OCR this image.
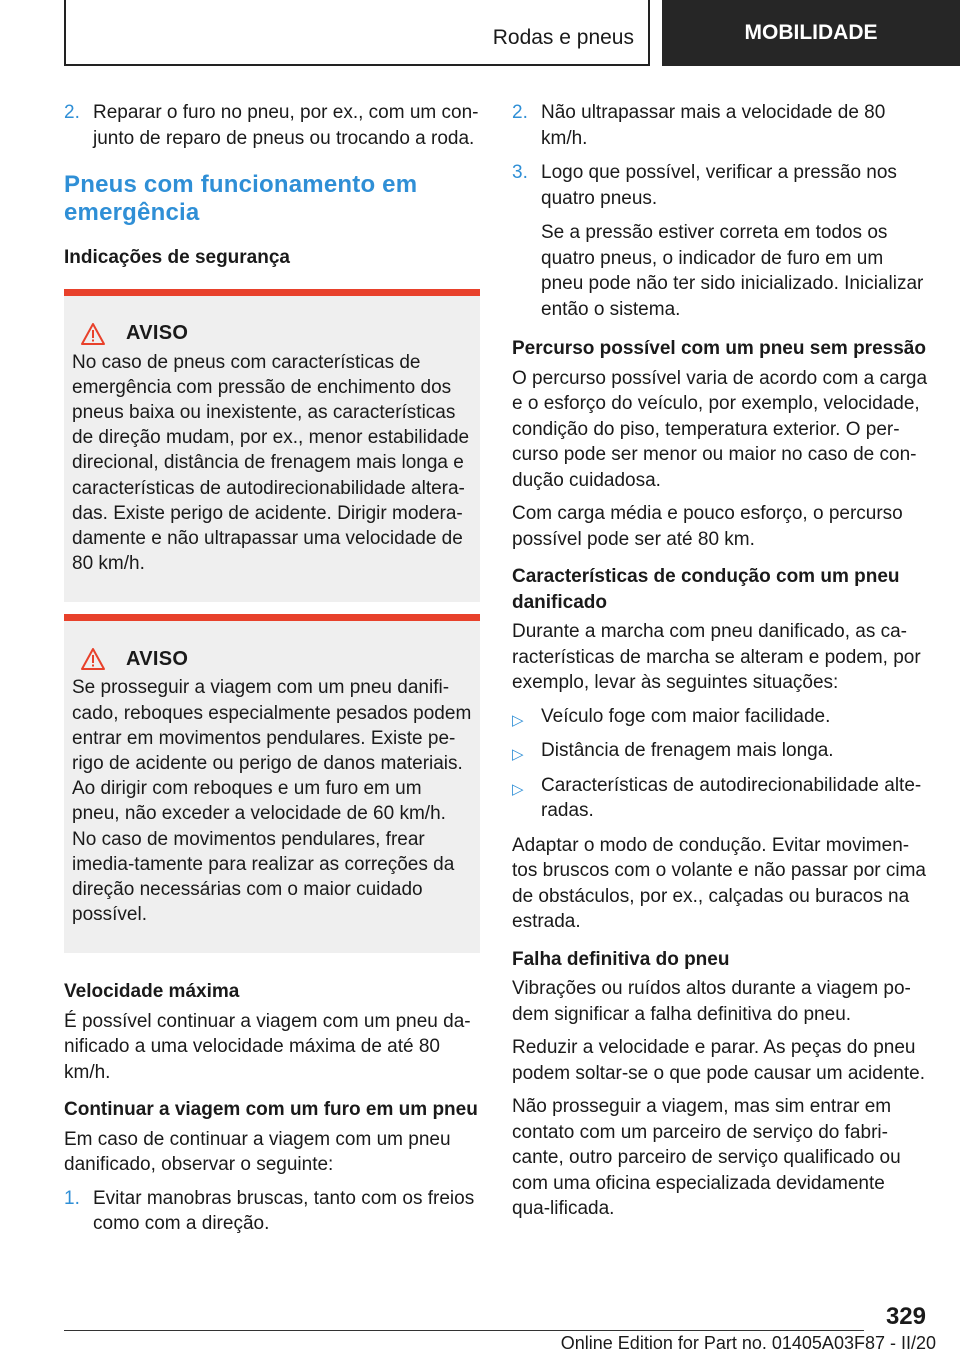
Rodas e pneus	MOBILIDADE
2. Reparar o furo no pneu, por ex., com um con-junto de reparo de pneus ou trocando a roda.
Pneus com funcionamento em emergência
Indicações de segurança
AVISO
No caso de pneus com características de emergência com pressão de enchimento dos pneus baixa ou inexistente, as características de direção mudam, por ex., menor estabilidade direcional, distância de frenagem mais longa e características de autodirecionabilidade altera-das. Existe perigo de acidente. Dirigir modera-damente e não ultrapassar uma velocidade de 80 km/h.
AVISO
Se prosseguir a viagem com um pneu danifi-cado, reboques especialmente pesados podem entrar em movimentos pendulares. Existe pe-rigo de acidente ou perigo de danos materiais. Ao dirigir com reboques e um furo em um pneu, não exceder a velocidade de 60 km/h. No caso de movimentos pendulares, frear imedia-tamente para realizar as correções da direção necessárias com o maior cuidado possível.
Velocidade máxima

É possível continuar a viagem com um pneu da-nificado a uma velocidade máxima de até 80 km/h.

Continuar a viagem com um furo em um pneu

Em caso de continuar a viagem com um pneu danificado, observar o seguinte:

1. Evitar manobras bruscas, tanto com os freios como com a direção.
2. Não ultrapassar mais a velocidade de 80 km/h.
3. Logo que possível, verificar a pressão nos quatro pneus.
Se a pressão estiver correta em todos os quatro pneus, o indicador de furo em um pneu pode não ter sido inicializado. Inicializar então o sistema.
Percurso possível com um pneu sem pressão

O percurso possível varia de acordo com a carga e o esforço do veículo, por exemplo, velocidade, condição do piso, temperatura exterior. O per-curso pode ser menor ou maior no caso de con-dução cuidadosa.

Com carga média e pouco esforço, o percurso possível pode ser até 80 km.

Características de condução com um pneu danificado

Durante a marcha com pneu danificado, as ca-racterísticas de marcha se alteram e podem, por exemplo, levar às seguintes situações:

▷ Veículo foge com maior facilidade.
▷ Distância de frenagem mais longa.
▷ Características de autodirecionabilidade alte-radas.

Adaptar o modo de condução. Evitar movimen-tos bruscos com o volante e não passar por cima de obstáculos, por ex., calçadas ou buracos na estrada.

Falha definitiva do pneu

Vibrações ou ruídos altos durante a viagem po-dem significar a falha definitiva do pneu.

Reduzir a velocidade e parar. As peças do pneu podem soltar-se o que pode causar um acidente.

Não prosseguir a viagem, mas sim entrar em contato com um parceiro de serviço do fabri-cante, outro parceiro de serviço qualificado ou com uma oficina especializada devidamente qua-lificada.

329
Online Edition for Part no. 01405A03F87 - II/20
